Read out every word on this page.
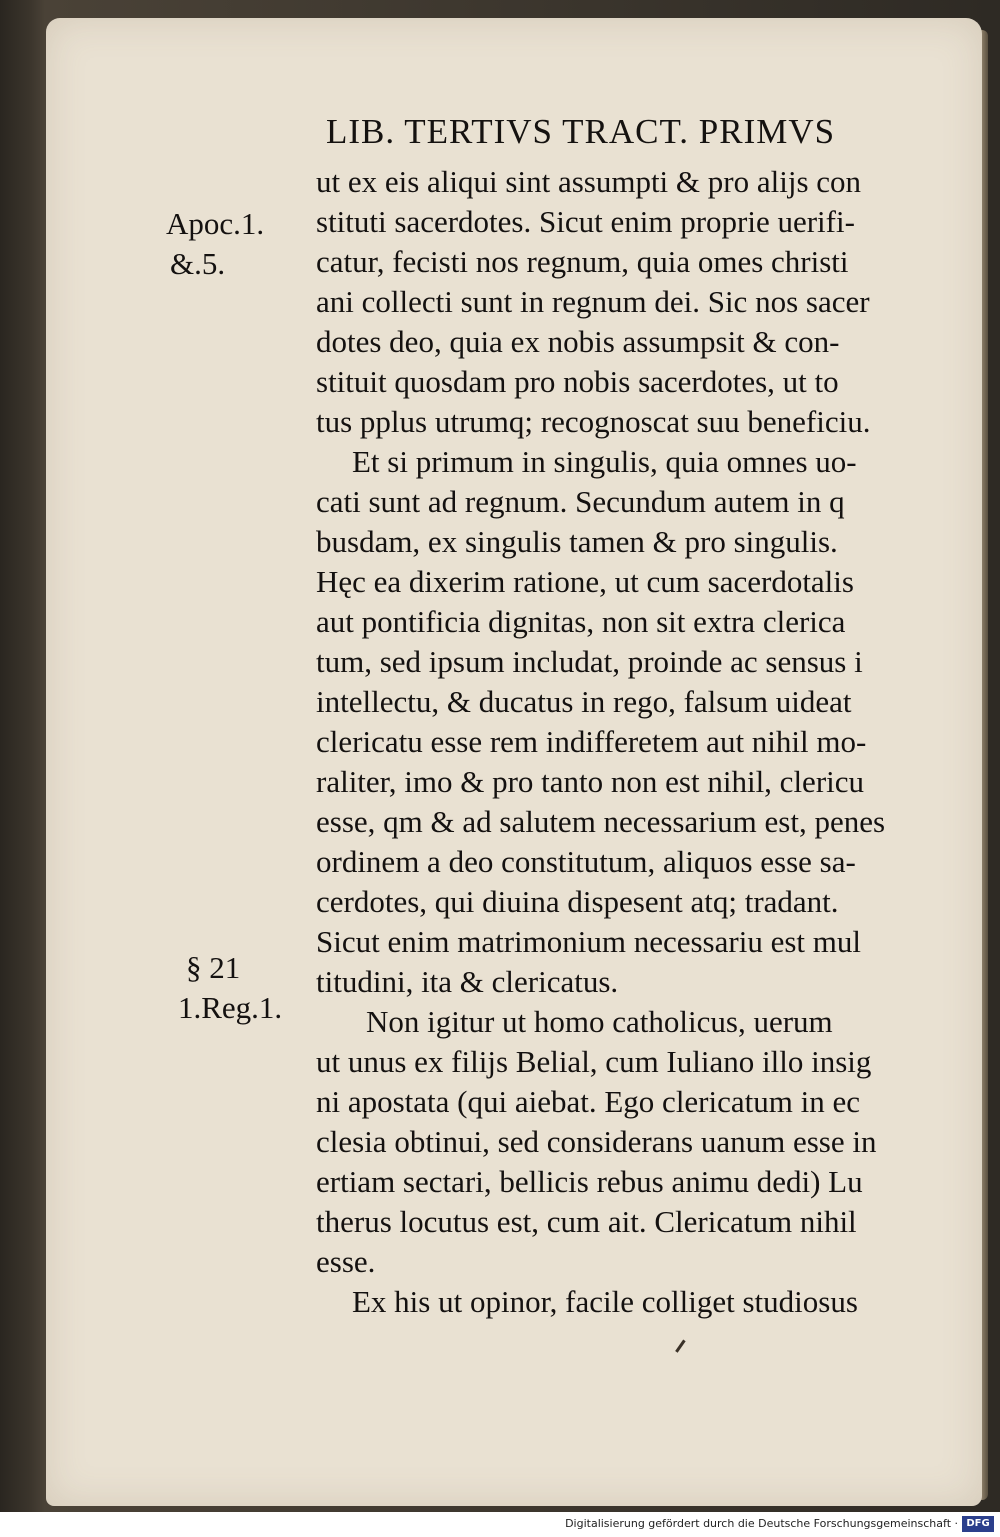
LIB. TERTIVS TRACT. PRIMVS
Apoc.1.
&.5.
§ 21
1.Reg.1.
ut ex eis aliqui sint assumpti & pro alijs con
stituti sacerdotes. Sicut enim proprie uerifi-
catur, fecisti nos regnum, quia omes christi
ani collecti sunt in regnum dei. Sic nos sacer
dotes deo, quia ex nobis assumpsit & con-
stituit quosdam pro nobis sacerdotes, ut to
tus pplus utrumq; recognoscat suu beneficiu.
Et si primum in singulis, quia omnes uo-
cati sunt ad regnum. Secundum autem in q
busdam, ex singulis tamen & pro singulis.
Hęc ea dixerim ratione, ut cum sacerdotalis
aut pontificia dignitas, non sit extra clerica
tum, sed ipsum includat, proinde ac sensus i
intellectu, & ducatus in rego, falsum uideat
clericatu esse rem indifferetem aut nihil mo-
raliter, imo & pro tanto non est nihil, clericu
esse, qm & ad salutem necessarium est, penes
ordinem a deo constitutum, aliquos esse sa-
cerdotes, qui diuina dispesent atq; tradant.
Sicut enim matrimonium necessariu est mul
titudini, ita & clericatus.
Non igitur ut homo catholicus, uerum
ut unus ex filijs Belial, cum Iuliano illo insig
ni apostata (qui aiebat. Ego clericatum in ec
clesia obtinui, sed considerans uanum esse in
ertiam sectari, bellicis rebus animu dedi) Lu
therus locutus est, cum ait. Clericatum nihil
esse.
Ex his ut opinor, facile colliget studiosus
Digitalisierung gefördert durch die Deutsche Forschungsgemeinschaft · DFG
